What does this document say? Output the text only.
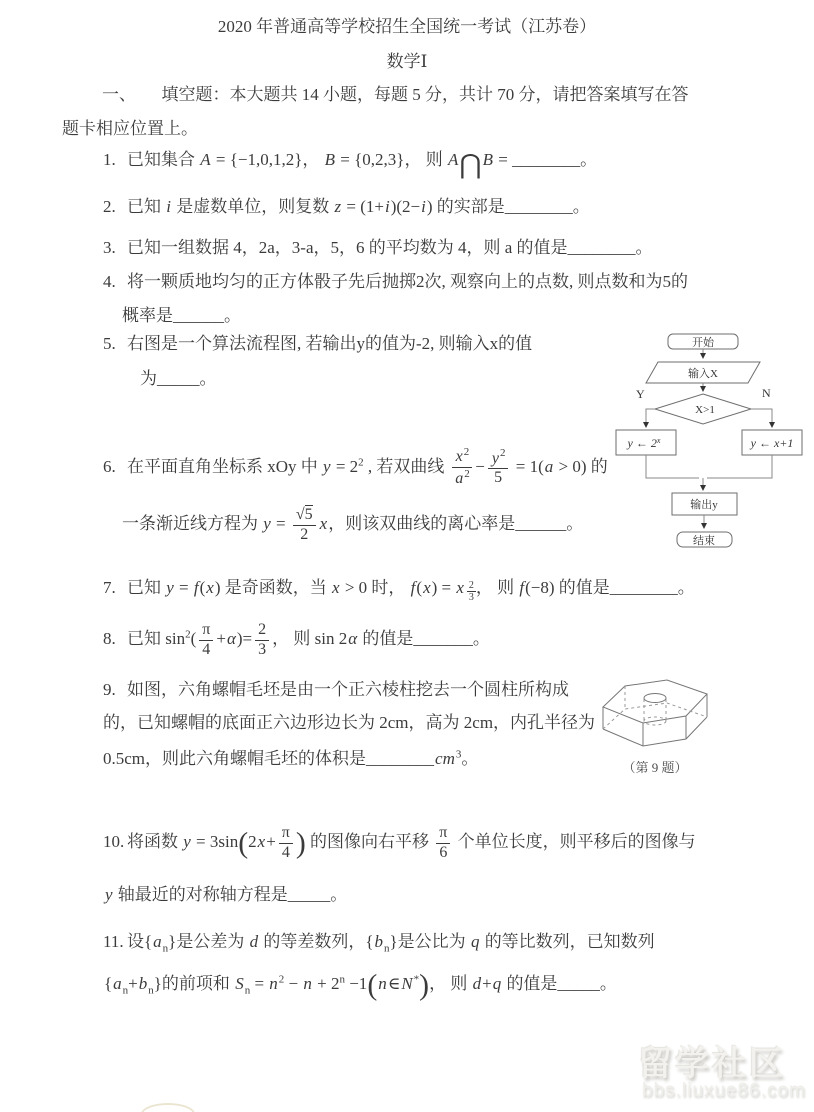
2020 年普通高等学校招生全国统一考试（江苏卷）
数学Ⅰ
一、　　填空题：本大题共 14 小题，每题 5 分，共计 70 分，请把答案填写在答
题卡相应位置上。
1. 已知集合 A = {−1,0,1,2}， B = {0,2,3}， 则 A⋂B = ________。
2. 已知 i 是虚数单位，则复数 z = (1+i)(2−i) 的实部是________。
3. 已知一组数据 4，2a，3-a，5，6 的平均数为 4，则 a 的值是________。
4. 将一颗质地均匀的正方体骰子先后抛掷2次, 观察向上的点数, 则点数和为5的
概率是______。
5. 右图是一个算法流程图, 若输出y的值为-2, 则输入x的值
为_____。
6. 在平面直角坐标系 xOy 中 $y = 2^2$ , 若双曲线 $\frac{x^2}{a^2} - \frac{y^2}{5} = 1(a > 0)$ 的
一条渐近线方程为 $y = \frac{√5}{2}$ x，则该双曲线的离心率是______。
7. 已知 y = f(x) 是奇函数，当 x > 0 时， f(x) = x $\frac{2}{3}$ ， 则 f(−8) 的值是________。
8. 已知 $\sin^2( \frac{\pi}{4} +\alpha)= \frac{2}{3}$ ， 则 sin 2α 的值是_______。
9. 如图，六角螺帽毛坯是由一个正六棱柱挖去一个圆柱所构成
的，已知螺帽的底面正六边形边长为 2cm，高为 2cm，内孔半径为
0.5cm，则此六角螺帽毛坯的体积是$\_\_\_\_\_\_\_\_cm^3$。
10. 将函数 $y = 3\sin(2x+ \frac{\pi}{4}$ ) 的图像向右平移 $\frac{\pi}{6}$ 个单位长度，则平移后的图像与
y 轴最近的对称轴方程是_____。
11. 设$\{a_n\}$是公差为 d 的等差数列，$\{b_n\}$是公比为 q 的等比数列，已知数列
$\{a_n+b_n\}$的前项和 $S_n = n^2 - n + 2^n$ −1(n∈N*)， 则 d+q 的值是_____。
开始
输入X
X>1
Y	N
y ← 2$^x$	y ← x+1
输出y
结束
（第 9 题）
留学社区
bbs.liuxue86.com
